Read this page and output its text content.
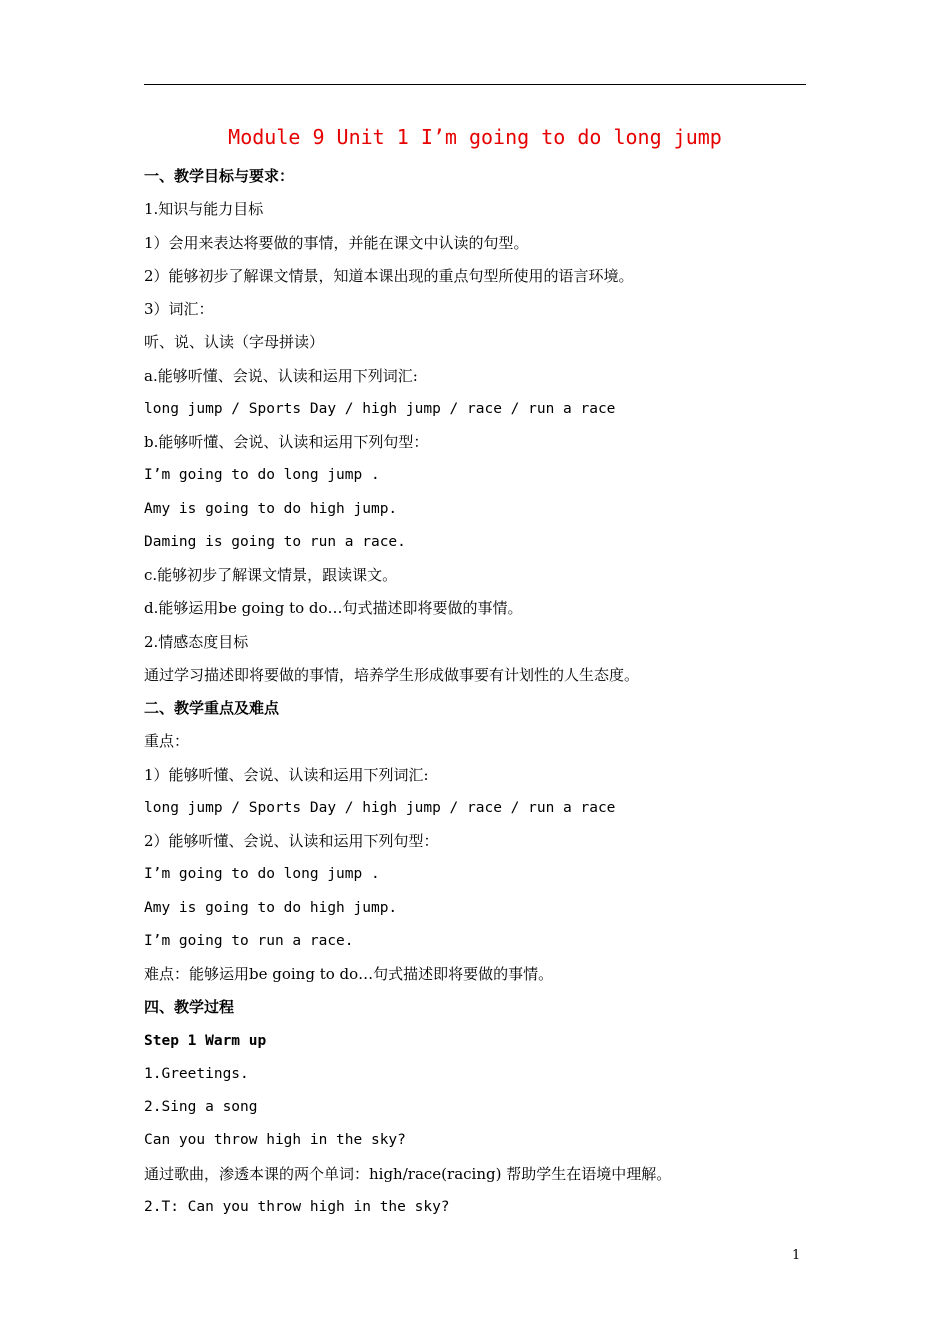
Module 9 Unit 1 I’m going to do long jump
一、教学目标与要求：
1.知识与能力目标
1）会用来表达将要做的事情，并能在课文中认读的句型。
2）能够初步了解课文情景，知道本课出现的重点句型所使用的语言环境。
3）词汇：
听、说、认读（字母拼读）
a.能够听懂、会说、认读和运用下列词汇:
long jump / Sports Day / high jump / race / run a race
b.能够听懂、会说、认读和运用下列句型：
I’m going to do long jump .
Amy is going to do high jump.
Daming is going to run a race.
c.能够初步了解课文情景，跟读课文。
d.能够运用be going to do…句式描述即将要做的事情。
2.情感态度目标
通过学习描述即将要做的事情，培养学生形成做事要有计划性的人生态度。
二、教学重点及难点
重点：
1）能够听懂、会说、认读和运用下列词汇:
long jump / Sports Day / high jump / race / run a race
2）能够听懂、会说、认读和运用下列句型：
I’m going to do long jump .
Amy is going to do high jump.
I’m going to run a race.
难点：能够运用be going to do…句式描述即将要做的事情。
四、教学过程
Step 1 Warm up
1.Greetings.
2.Sing a song
Can you throw high in the sky?
通过歌曲，渗透本课的两个单词：high/race(racing) 帮助学生在语境中理解。
2.T: Can you throw high in the sky?
1
